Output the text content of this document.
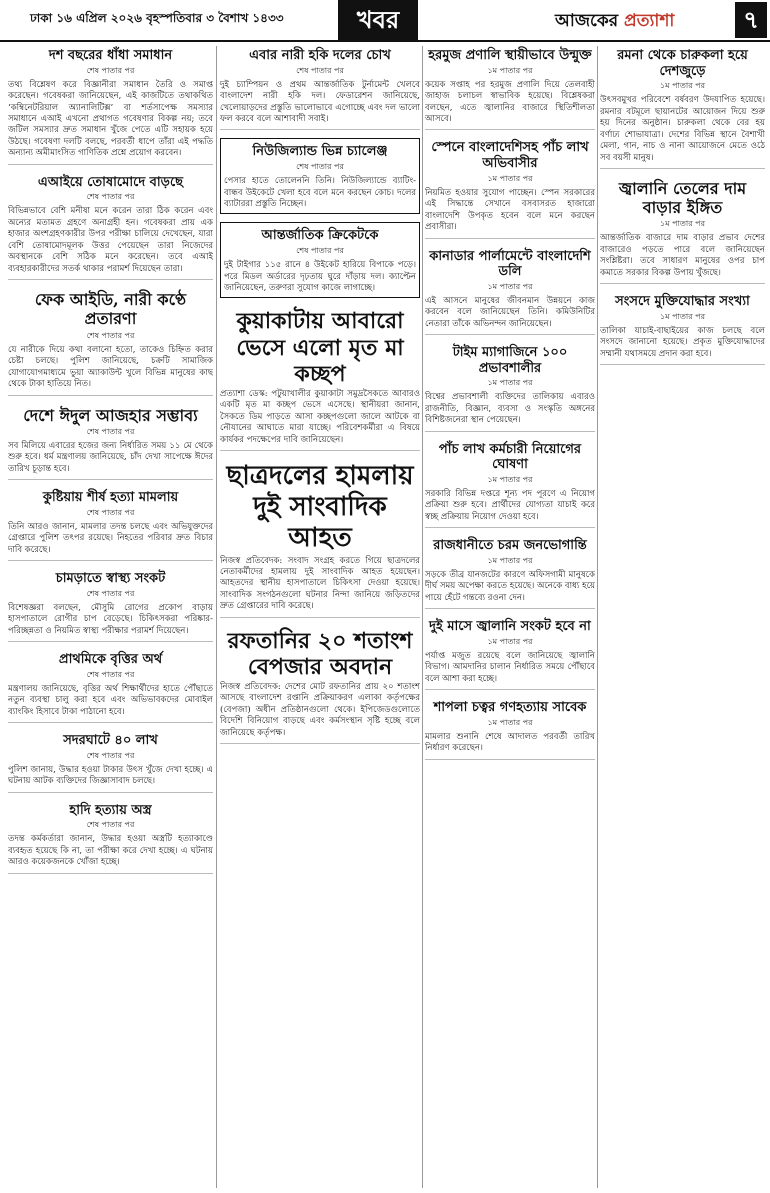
ঢাকা ১৬ এপ্রিল ২০২৬ বৃহস্পতিবার ৩ বৈশাখ ১৪৩৩	খবর	আজকের প্রত্যাশা	৭
দশ বছরের ধাঁধা সমাধান
শেষ পাতার পর
তথ্য বিশ্লেষণ করে বিজ্ঞানীরা সমাধান তৈরি ও সমাপ্ত করেছেন। গবেষকরা জানিয়েছেন, এই কাজটিতে তথাকথিত ‘কম্বিনেটরিয়াল অ্যানালিটিক্স’ বা শর্তসাপেক্ষ সমস্যার সমাধানে এআই এখনো প্রথাগত গবেষণার বিকল্প নয়; তবে জটিল সমস্যার দ্রুত সমাধান খুঁজে পেতে এটি সহায়ক হয়ে উঠছে। গবেষণা দলটি বলছে, পরবর্তী ধাপে তাঁরা এই পদ্ধতি অন্যান্য অমীমাংসিত গাণিতিক প্রশ্নে প্রয়োগ করবেন।
এআইয়ে তোষামোদে বাড়ছে
শেষ পাতার পর
বিভিন্নভাবে বেশি মনীষা মনে করেন তারা ঠিক করেন এবং অন্যের মতামত গ্রহণে অনাগ্রহী হন। গবেষকরা প্রায় এক হাজার অংশগ্রহণকারীর উপর পরীক্ষা চালিয়ে দেখেছেন, যারা বেশি তোষামোদমূলক উত্তর পেয়েছেন তারা নিজেদের অবস্থানকে বেশি সঠিক মনে করেছেন। তবে এআই ব্যবহারকারীদের সতর্ক থাকার পরামর্শ দিয়েছেন তারা।
ফেক আইডি, নারী কণ্ঠে প্রতারণা
শেষ পাতার পর
যে নারীকে দিয়ে কথা বলানো হতো, তাকেও চিহ্নিত করার চেষ্টা চলছে। পুলিশ জানিয়েছে, চক্রটি সামাজিক যোগাযোগমাধ্যমে ভুয়া অ্যাকাউন্ট খুলে বিভিন্ন মানুষের কাছ থেকে টাকা হাতিয়ে নিত।
দেশে ঈদুল আজহার সম্ভাব্য
শেষ পাতার পর
সব মিলিয়ে এবারের হজের জন্য নির্ধারিত সময় ১১ মে থেকে শুরু হবে। ধর্ম মন্ত্রণালয় জানিয়েছে, চাঁদ দেখা সাপেক্ষে ঈদের তারিখ চূড়ান্ত হবে।
কুষ্টিয়ায় শীর্ষ হত্যা মামলায়
শেষ পাতার পর
তিনি আরও জানান, মামলার তদন্ত চলছে এবং অভিযুক্তদের গ্রেপ্তারে পুলিশ তৎপর রয়েছে। নিহতের পরিবার দ্রুত বিচার দাবি করেছে।
চামড়াতে স্বাস্থ্য সংকট
শেষ পাতার পর
বিশেষজ্ঞরা বলছেন, মৌসুমি রোগের প্রকোপ বাড়ায় হাসপাতালে রোগীর চাপ বেড়েছে। চিকিৎসকরা পরিষ্কার-পরিচ্ছন্নতা ও নিয়মিত স্বাস্থ্য পরীক্ষার পরামর্শ দিয়েছেন।
প্রাথমিকে বৃত্তির অর্থ
শেষ পাতার পর
মন্ত্রণালয় জানিয়েছে, বৃত্তির অর্থ শিক্ষার্থীদের হাতে পৌঁছাতে নতুন ব্যবস্থা চালু করা হবে এবং অভিভাবকদের মোবাইল ব্যাংকিং হিসাবে টাকা পাঠানো হবে।
সদরঘাটে ৪০ লাখ
শেষ পাতার পর
পুলিশ জানায়, উদ্ধার হওয়া টাকার উৎস খুঁজে দেখা হচ্ছে। এ ঘটনায় আটক ব্যক্তিদের জিজ্ঞাসাবাদ চলছে।
হাদি হত্যায় অস্ত্র
শেষ পাতার পর
তদন্ত কর্মকর্তারা জানান, উদ্ধার হওয়া অস্ত্রটি হত্যাকাণ্ডে ব্যবহৃত হয়েছে কি না, তা পরীক্ষা করে দেখা হচ্ছে। এ ঘটনায় আরও কয়েকজনকে খোঁজা হচ্ছে।
এবার নারী হকি দলের চোখ
শেষ পাতার পর
দুই চ্যাম্পিয়ন ও প্রথম আন্তর্জাতিক টুর্নামেন্ট খেলবে বাংলাদেশ নারী হকি দল। ফেডারেশন জানিয়েছে, খেলোয়াড়দের প্রস্তুতি ভালোভাবে এগোচ্ছে এবং দল ভালো ফল করবে বলে আশাবাদী সবাই।
নিউজিল্যান্ড ভিন্ন চ্যালেঞ্জ
শেষ পাতার পর
পেসার হাতে তোলেননি তিনি। নিউজিল্যান্ডে ব্যাটিং-বান্ধব উইকেটে খেলা হবে বলে মনে করছেন কোচ। দলের ব্যাটাররা প্রস্তুতি নিচ্ছেন।
আন্তর্জাতিক ক্রিকেটকে
শেষ পাতার পর
দুই টাইগার ১১৫ রানে ৪ উইকেট হারিয়ে বিপাকে পড়ে। পরে মিডল অর্ডারের দৃঢ়তায় ঘুরে দাঁড়ায় দল। ক্যাপ্টেন জানিয়েছেন, তরুণরা সুযোগ কাজে লাগাচ্ছে।
কুয়াকাটায় আবারো ভেসে এলো মৃত মা কচ্ছপ
প্রত্যাশা ডেস্ক: পটুয়াখালীর কুয়াকাটা সমুদ্রসৈকতে আবারও একটি মৃত মা কচ্ছপ ভেসে এসেছে। স্থানীয়রা জানান, সৈকতে ডিম পাড়তে আসা কচ্ছপগুলো জালে আটকে বা নৌযানের আঘাতে মারা যাচ্ছে। পরিবেশকর্মীরা এ বিষয়ে কার্যকর পদক্ষেপের দাবি জানিয়েছেন।
ছাত্রদলের হামলায় দুই সাংবাদিক আহত
নিজস্ব প্রতিবেদক: সংবাদ সংগ্রহ করতে গিয়ে ছাত্রদলের নেতাকর্মীদের হামলায় দুই সাংবাদিক আহত হয়েছেন। আহতদের স্থানীয় হাসপাতালে চিকিৎসা দেওয়া হয়েছে। সাংবাদিক সংগঠনগুলো ঘটনার নিন্দা জানিয়ে জড়িতদের দ্রুত গ্রেপ্তারের দাবি করেছে।
রফতানির ২০ শতাংশ বেপজার অবদান
নিজস্ব প্রতিবেদক: দেশের মোট রফতানির প্রায় ২০ শতাংশ আসছে বাংলাদেশ রপ্তানি প্রক্রিয়াকরণ এলাকা কর্তৃপক্ষের (বেপজা) অধীন প্রতিষ্ঠানগুলো থেকে। ইপিজেডগুলোতে বিদেশি বিনিয়োগ বাড়ছে এবং কর্মসংস্থান সৃষ্টি হচ্ছে বলে জানিয়েছে কর্তৃপক্ষ।
হরমুজ প্রণালি স্থায়ীভাবে উন্মুক্ত
১ম পাতার পর
কয়েক সপ্তাহ পর হরমুজ প্রণালি দিয়ে তেলবাহী জাহাজ চলাচল স্বাভাবিক হয়েছে। বিশ্লেষকরা বলছেন, এতে জ্বালানির বাজারে স্থিতিশীলতা আসবে।
স্পেনে বাংলাদেশিসহ পাঁচ লাখ অভিবাসীর
১ম পাতার পর
নিয়মিত হওয়ার সুযোগ পাচ্ছেন। স্পেন সরকারের এই সিদ্ধান্তে সেখানে বসবাসরত হাজারো বাংলাদেশি উপকৃত হবেন বলে মনে করছেন প্রবাসীরা।
কানাডার পার্লামেন্টে বাংলাদেশি ডলি
১ম পাতার পর
এই আসনে মানুষের জীবনমান উন্নয়নে কাজ করবেন বলে জানিয়েছেন তিনি। কমিউনিটির নেতারা তাঁকে অভিনন্দন জানিয়েছেন।
টাইম ম্যাগাজিনে ১০০ প্রভাবশালীর
১ম পাতার পর
বিশ্বের প্রভাবশালী ব্যক্তিদের তালিকায় এবারও রাজনীতি, বিজ্ঞান, ব্যবসা ও সংস্কৃতি অঙ্গনের বিশিষ্টজনেরা স্থান পেয়েছেন।
পাঁচ লাখ কর্মচারী নিয়োগের ঘোষণা
১ম পাতার পর
সরকারি বিভিন্ন দপ্তরে শূন্য পদ পূরণে এ নিয়োগ প্রক্রিয়া শুরু হবে। প্রার্থীদের যোগ্যতা যাচাই করে স্বচ্ছ প্রক্রিয়ায় নিয়োগ দেওয়া হবে।
রাজধানীতে চরম জনভোগান্তি
১ম পাতার পর
সড়কে তীব্র যানজটের কারণে অফিসগামী মানুষকে দীর্ঘ সময় অপেক্ষা করতে হয়েছে। অনেকে বাধ্য হয়ে পায়ে হেঁটে গন্তব্যে রওনা দেন।
দুই মাসে জ্বালানি সংকট হবে না
১ম পাতার পর
পর্যাপ্ত মজুত রয়েছে বলে জানিয়েছে জ্বালানি বিভাগ। আমদানির চালান নির্ধারিত সময়ে পৌঁছাবে বলে আশা করা হচ্ছে।
শাপলা চত্বর গণহত্যায় সাবেক
১ম পাতার পর
মামলার শুনানি শেষে আদালত পরবর্তী তারিখ নির্ধারণ করেছেন।
রমনা থেকে চারুকলা হয়ে দেশজুড়ে
১ম পাতার পর
উৎসবমুখর পরিবেশে বর্ষবরণ উদযাপিত হয়েছে। রমনার বটমূলে ছায়ানটের আয়োজন দিয়ে শুরু হয় দিনের অনুষ্ঠান। চারুকলা থেকে বের হয় বর্ণাঢ্য শোভাযাত্রা। দেশের বিভিন্ন স্থানে বৈশাখী মেলা, গান, নাচ ও নানা আয়োজনে মেতে ওঠে সব বয়সী মানুষ।
জ্বালানি তেলের দাম বাড়ার ইঙ্গিত
১ম পাতার পর
আন্তর্জাতিক বাজারে দাম বাড়ার প্রভাব দেশের বাজারেও পড়তে পারে বলে জানিয়েছেন সংশ্লিষ্টরা। তবে সাধারণ মানুষের ওপর চাপ কমাতে সরকার বিকল্প উপায় খুঁজছে।
সংসদে মুক্তিযোদ্ধার সংখ্যা
১ম পাতার পর
তালিকা যাচাই-বাছাইয়ের কাজ চলছে বলে সংসদে জানানো হয়েছে। প্রকৃত মুক্তিযোদ্ধাদের সম্মানী যথাসময়ে প্রদান করা হবে।
